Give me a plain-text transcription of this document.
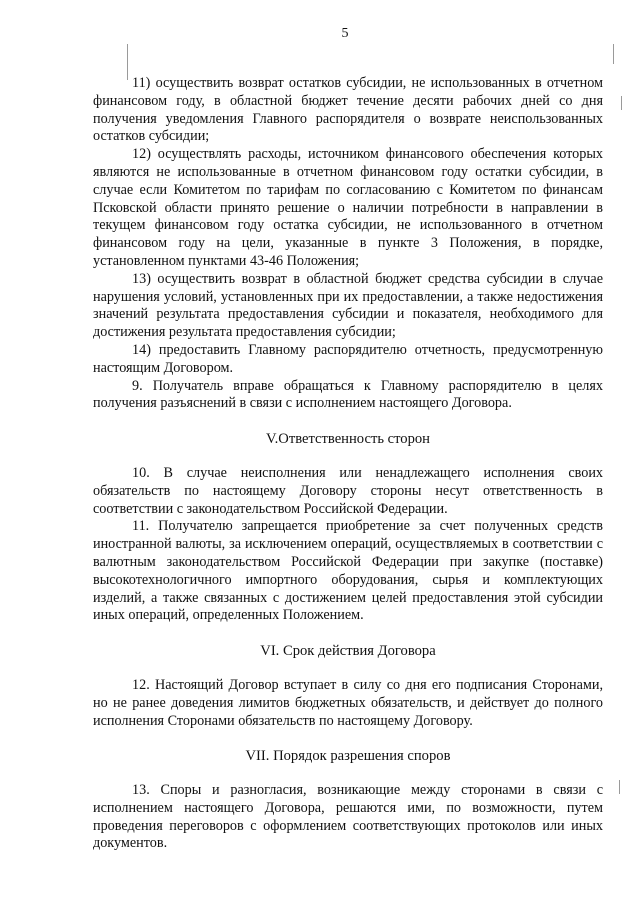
5

11) осуществить возврат остатков субсидии, не использованных в отчетном финансовом году, в областной бюджет течение десяти рабочих дней со дня получения уведомления Главного распорядителя о возврате неиспользованных остатков субсидии;

12) осуществлять расходы, источником финансового обеспечения которых являются не использованные в отчетном финансовом году остатки субсидии, в случае если Комитетом по тарифам по согласованию с Комитетом по финансам Псковской области принято решение о наличии потребности в направлении в текущем финансовом году остатка субсидии, не использованного в отчетном финансовом году на цели, указанные в пункте 3 Положения, в порядке, установленном пунктами 43-46 Положения;

13) осуществить возврат в областной бюджет средства субсидии в случае нарушения условий, установленных при их предоставлении, а также недостижения значений результата предоставления субсидии и показателя, необходимого для достижения результата предоставления субсидии;

14) предоставить Главному распорядителю отчетность, предусмотренную настоящим Договором.

9. Получатель вправе обращаться к Главному распорядителю в целях получения разъяснений в связи с исполнением настоящего Договора.

V.Ответственность сторон

10. В случае неисполнения или ненадлежащего исполнения своих обязательств по настоящему Договору стороны несут ответственность в соответствии с законодательством Российской Федерации.

11. Получателю запрещается приобретение за счет полученных средств иностранной валюты, за исключением операций, осуществляемых в соответствии с валютным законодательством Российской Федерации при закупке (поставке) высокотехнологичного импортного оборудования, сырья и комплектующих изделий, а также связанных с достижением целей предоставления этой субсидии иных операций, определенных Положением.

VI. Срок действия Договора

12. Настоящий Договор вступает в силу со дня его подписания Сторонами, но не ранее доведения лимитов бюджетных обязательств, и действует до полного исполнения Сторонами обязательств по настоящему Договору.

VII. Порядок разрешения споров

13. Споры и разногласия, возникающие между сторонами в связи с исполнением настоящего Договора, решаются ими, по возможности, путем проведения переговоров с оформлением соответствующих протоколов или иных документов.
